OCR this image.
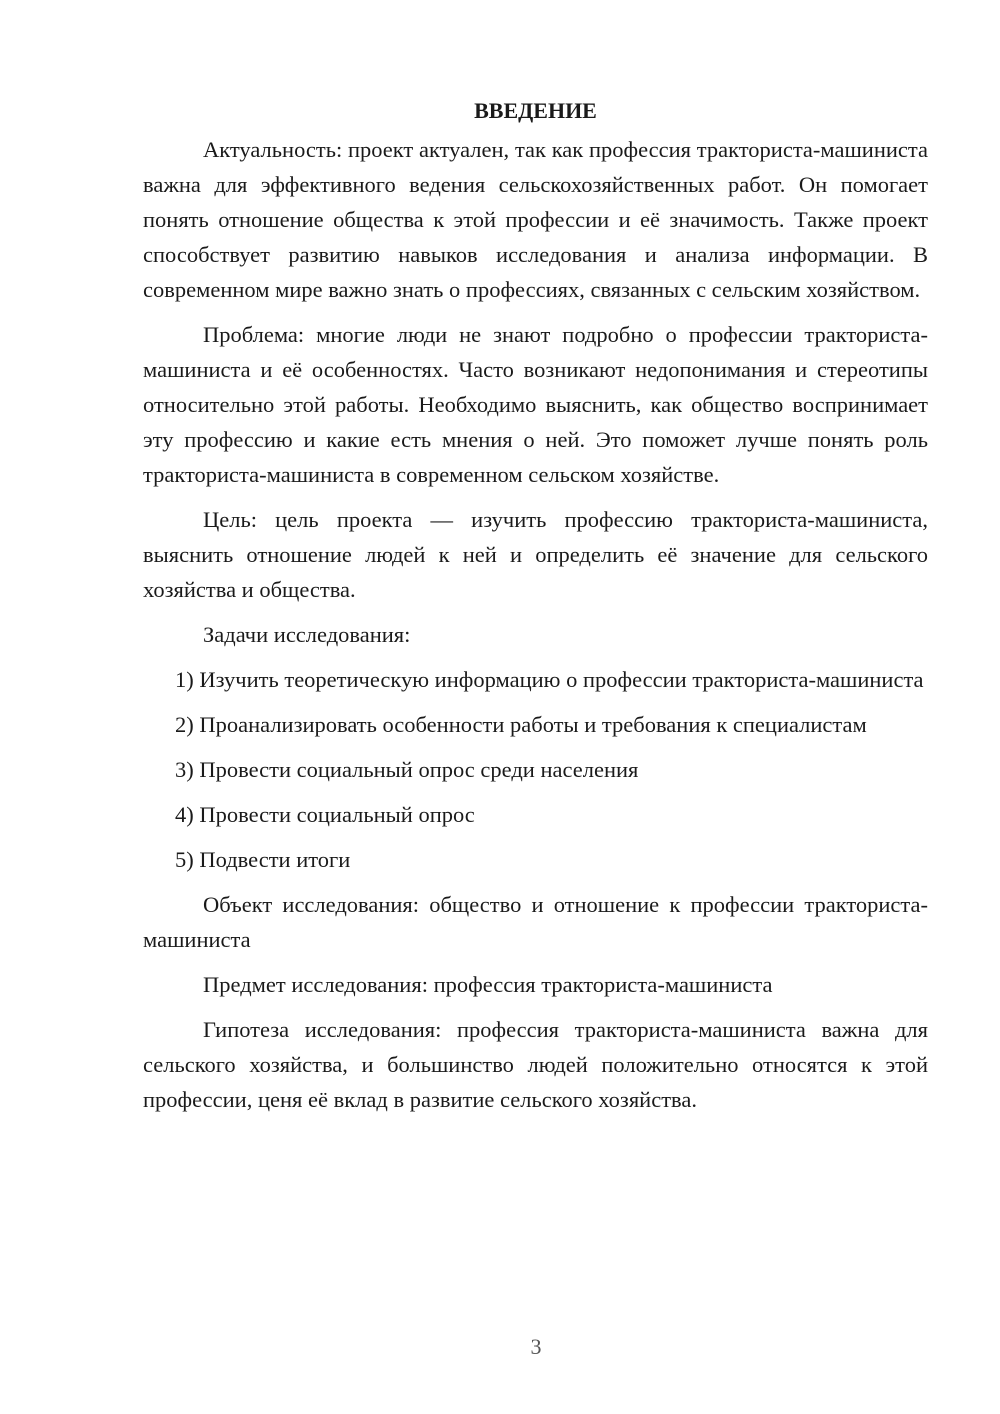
ВВЕДЕНИЕ

Актуальность: проект актуален, так как профессия тракториста-машиниста важна для эффективного ведения сельскохозяйственных работ. Он помогает понять отношение общества к этой профессии и её значимость. Также проект способствует развитию навыков исследования и анализа информации. В современном мире важно знать о профессиях, связанных с сельским хозяйством.

Проблема: многие люди не знают подробно о профессии тракториста-машиниста и её особенностях. Часто возникают недопонимания и стереотипы относительно этой работы. Необходимо выяснить, как общество воспринимает эту профессию и какие есть мнения о ней. Это поможет лучше понять роль тракториста-машиниста в современном сельском хозяйстве.

Цель: цель проекта — изучить профессию тракториста-машиниста, выяснить отношение людей к ней и определить её значение для сельского хозяйства и общества.

Задачи исследования:

1) Изучить теоретическую информацию о профессии тракториста-машиниста

2) Проанализировать особенности работы и требования к специалистам

3) Провести социальный опрос среди населения

4) Провести социальный опрос

5) Подвести итоги

Объект исследования: общество и отношение к профессии тракториста-машиниста

Предмет исследования: профессия тракториста-машиниста

Гипотеза исследования: профессия тракториста-машиниста важна для сельского хозяйства, и большинство людей положительно относятся к этой профессии, ценя её вклад в развитие сельского хозяйства.

3
